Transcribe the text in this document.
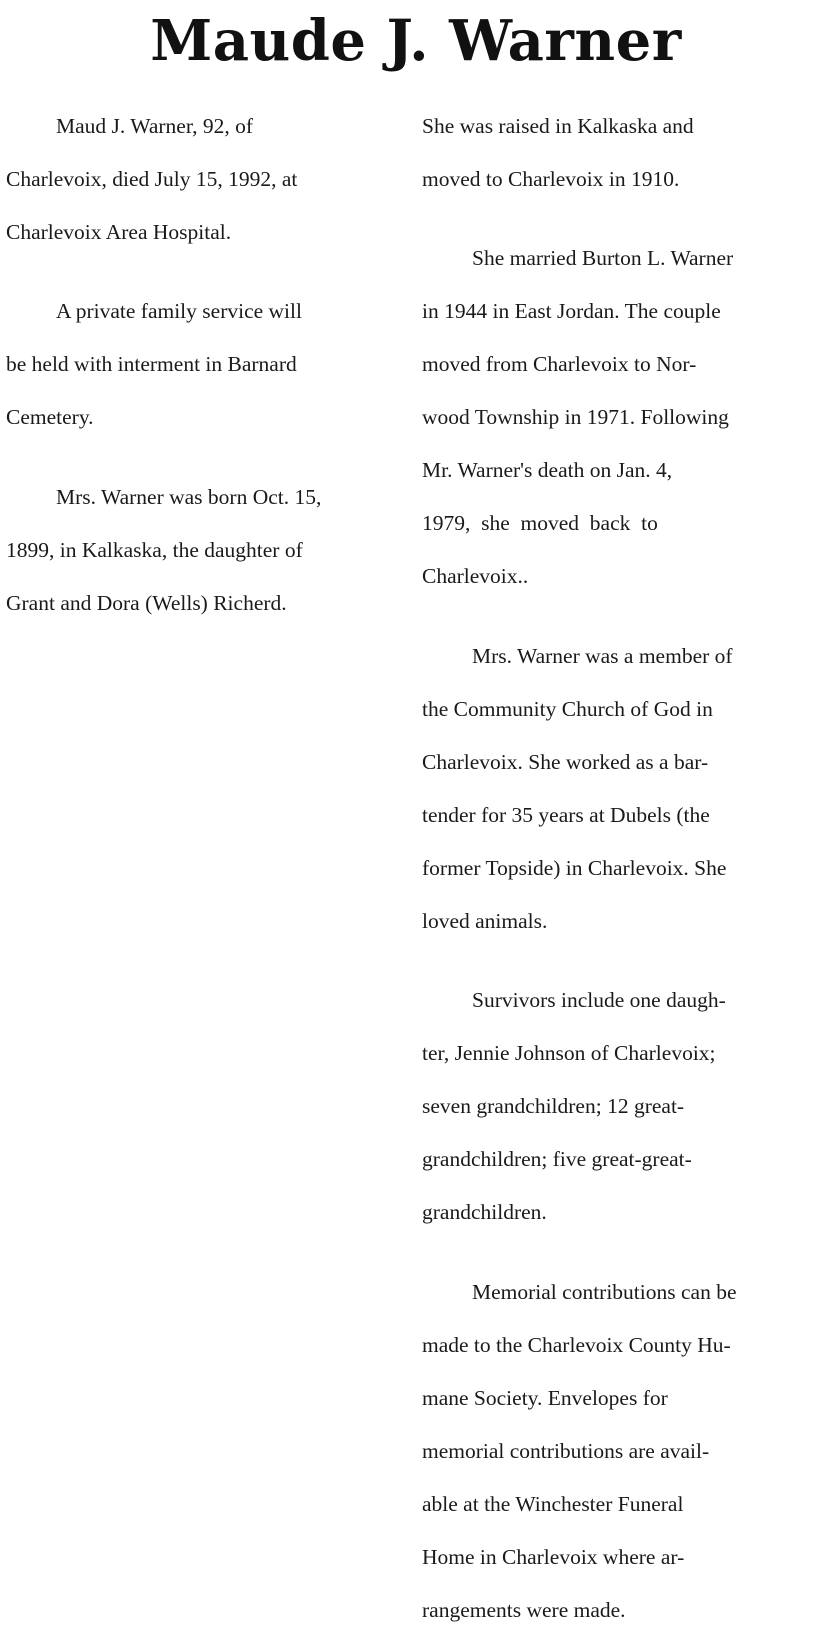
Maude J. Warner

Maud J. Warner, 92, of

Charlevoix, died July 15, 1992, at

Charlevoix Area Hospital.

A private family service will

be held with interment in Barnard

Cemetery.

Mrs. Warner was born Oct. 15,

1899, in Kalkaska, the daughter of

Grant and Dora (Wells) Richerd.

She was raised in Kalkaska and

moved to Charlevoix in 1910.

She married Burton L. Warner

in 1944 in East Jordan. The couple

moved from Charlevoix to Nor-

wood Township in 1971. Following

Mr. Warner's death on Jan. 4,

1979,  she  moved  back  to

Charlevoix..

Mrs. Warner was a member of

the Community Church of God in

Charlevoix. She worked as a bar-

tender for 35 years at Dubels (the

former Topside) in Charlevoix. She

loved animals.

Survivors include one daugh-

ter, Jennie Johnson of Charlevoix;

seven grandchildren; 12 great-

grandchildren; five great-great-

grandchildren.

Memorial contributions can be

made to the Charlevoix County Hu-

mane Society. Envelopes for

memorial contributions are avail-

able at the Winchester Funeral

Home in Charlevoix where ar-

rangements were made.
